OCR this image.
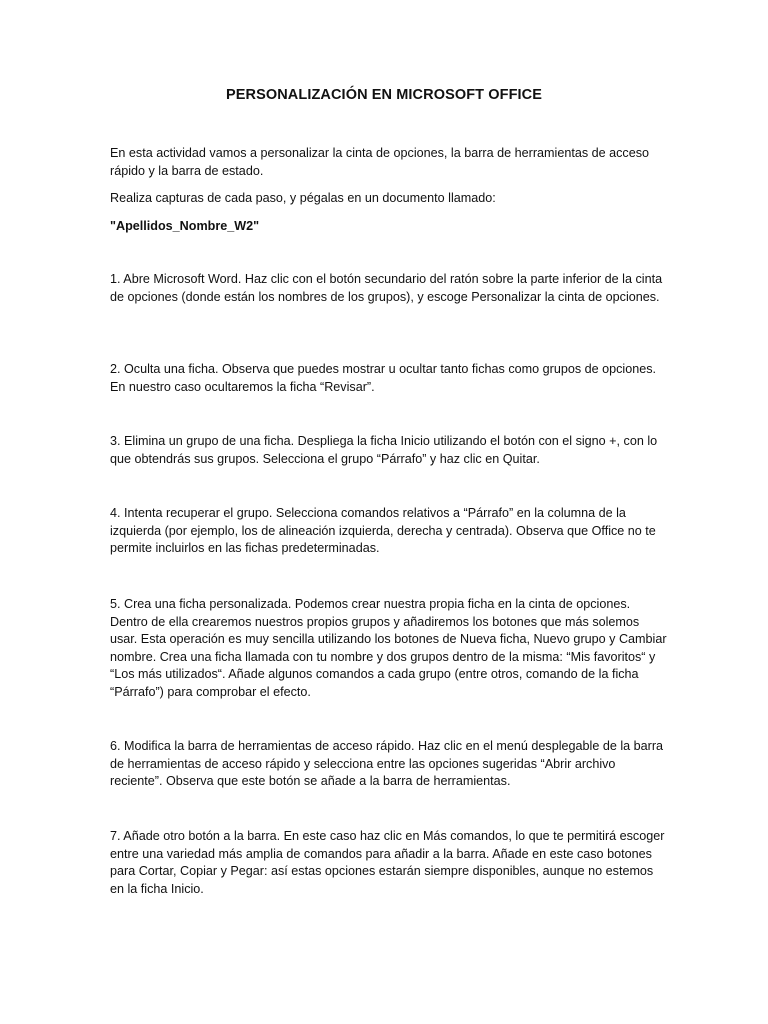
PERSONALIZACIÓN EN MICROSOFT OFFICE

En esta actividad vamos a personalizar la cinta de opciones, la barra de herramientas de acceso rápido y la barra de estado.

Realiza capturas de cada paso, y pégalas en un documento llamado:

"Apellidos_Nombre_W2"

1. Abre Microsoft Word. Haz clic con el botón secundario del ratón sobre la parte inferior de la cinta de opciones (donde están los nombres de los grupos), y escoge Personalizar la cinta de opciones.

2. Oculta una ficha. Observa que puedes mostrar u ocultar tanto fichas como grupos de opciones. En nuestro caso ocultaremos la ficha “Revisar”.

3. Elimina un grupo de una ficha. Despliega la ficha Inicio utilizando el botón con el signo +, con lo que obtendrás sus grupos. Selecciona el grupo “Párrafo” y haz clic en Quitar.

4. Intenta recuperar el grupo. Selecciona comandos relativos a “Párrafo” en la columna de la izquierda (por ejemplo, los de alineación izquierda, derecha y centrada). Observa que Office no te permite incluirlos en las fichas predeterminadas.

5. Crea una ficha personalizada. Podemos crear nuestra propia ficha en la cinta de opciones. Dentro de ella crearemos nuestros propios grupos y añadiremos los botones que más solemos usar. Esta operación es muy sencilla utilizando los botones de Nueva ficha, Nuevo grupo y Cambiar nombre. Crea una ficha llamada con tu nombre y dos grupos dentro de la misma: “Mis favoritos“ y “Los más utilizados“. Añade algunos comandos a cada grupo (entre otros, comando de la ficha “Párrafo”) para comprobar el efecto.

6. Modifica la barra de herramientas de acceso rápido. Haz clic en el menú desplegable de la barra de herramientas de acceso rápido y selecciona entre las opciones sugeridas “Abrir archivo reciente”. Observa que este botón se añade a la barra de herramientas.

7. Añade otro botón a la barra. En este caso haz clic en Más comandos, lo que te permitirá escoger entre una variedad más amplia de comandos para añadir a la barra. Añade en este caso botones para Cortar, Copiar y Pegar: así estas opciones estarán siempre disponibles, aunque no estemos en la ficha Inicio.
